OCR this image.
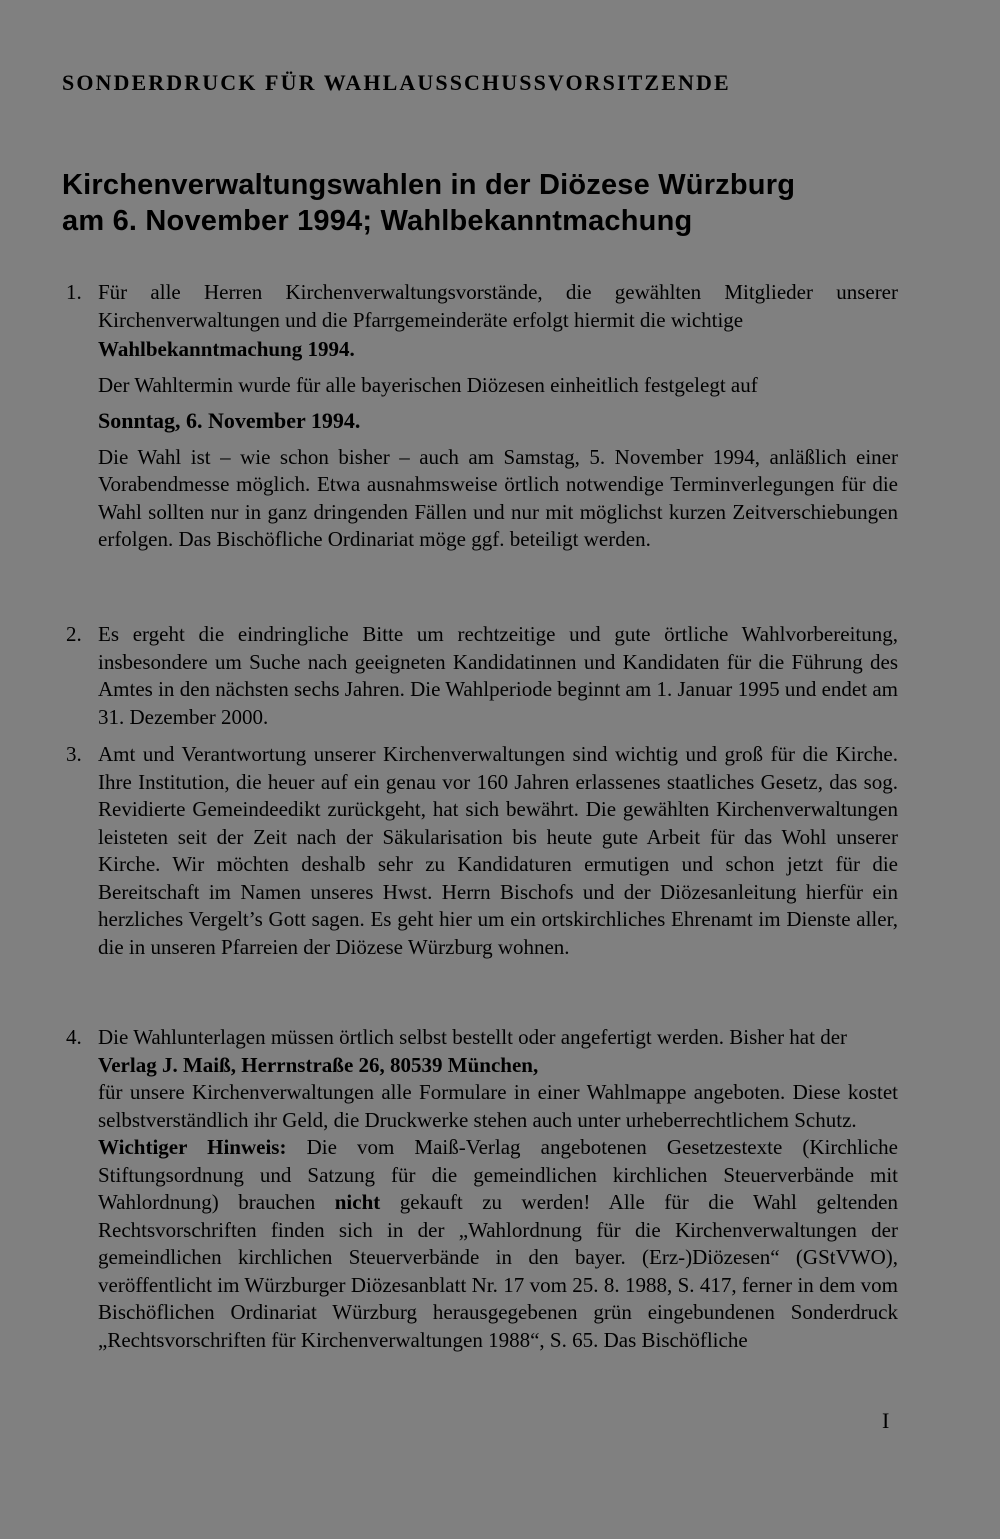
SONDERDRUCK FÜR WAHLAUSSCHUSSVORSITZENDE
Kirchenverwaltungswahlen in der Diözese Würzburg
am 6. November 1994; Wahlbekanntmachung
1. Für alle Herren Kirchenverwaltungsvorstände, die gewählten Mitglieder unserer Kirchenverwaltungen und die Pfarrgemeinderäte erfolgt hiermit die wichtige

Wahlbekanntmachung 1994.

Der Wahltermin wurde für alle bayerischen Diözesen einheitlich festgelegt auf

Sonntag, 6. November 1994.

Die Wahl ist – wie schon bisher – auch am Samstag, 5. November 1994, anläßlich einer Vorabendmesse möglich. Etwa ausnahmsweise örtlich notwendige Terminverlegungen für die Wahl sollten nur in ganz dringenden Fällen und nur mit möglichst kurzen Zeitverschiebungen erfolgen. Das Bischöfliche Ordinariat möge ggf. beteiligt werden.

2. Es ergeht die eindringliche Bitte um rechtzeitige und gute örtliche Wahlvorbereitung, insbesondere um Suche nach geeigneten Kandidatinnen und Kandidaten für die Führung des Amtes in den nächsten sechs Jahren. Die Wahlperiode beginnt am 1. Januar 1995 und endet am 31. Dezember 2000.

3. Amt und Verantwortung unserer Kirchenverwaltungen sind wichtig und groß für die Kirche. Ihre Institution, die heuer auf ein genau vor 160 Jahren erlassenes staatliches Gesetz, das sog. Revidierte Gemeindeedikt zurückgeht, hat sich bewährt. Die gewählten Kirchenverwaltungen leisteten seit der Zeit nach der Säkularisation bis heute gute Arbeit für das Wohl unserer Kirche. Wir möchten deshalb sehr zu Kandidaturen ermutigen und schon jetzt für die Bereitschaft im Namen unseres Hwst. Herrn Bischofs und der Diözesanleitung hierfür ein herzliches Vergelt’s Gott sagen. Es geht hier um ein ortskirchliches Ehrenamt im Dienste aller, die in unseren Pfarreien der Diözese Würzburg wohnen.

4. Die Wahlunterlagen müssen örtlich selbst bestellt oder angefertigt werden. Bisher hat der

Verlag J. Maiß, Herrnstraße 26, 80539 München,

für unsere Kirchenverwaltungen alle Formulare in einer Wahlmappe angeboten. Diese kostet selbstverständlich ihr Geld, die Druckwerke stehen auch unter urheberrechtlichem Schutz.

Wichtiger Hinweis: Die vom Maiß-Verlag angebotenen Gesetzestexte (Kirchliche Stiftungsordnung und Satzung für die gemeindlichen kirchlichen Steuerverbände mit Wahlordnung) brauchen nicht gekauft zu werden! Alle für die Wahl geltenden Rechtsvorschriften finden sich in der „Wahlordnung für die Kirchenverwaltungen der gemeindlichen kirchlichen Steuerverbände in den bayer. (Erz-)Diözesen“ (GStVWO), veröffentlicht im Würzburger Diözesanblatt Nr. 17 vom 25. 8. 1988, S. 417, ferner in dem vom Bischöflichen Ordinariat Würzburg herausgegebenen grün eingebundenen Sonderdruck „Rechtsvorschriften für Kirchenverwaltungen 1988“, S. 65. Das Bischöfliche

I
